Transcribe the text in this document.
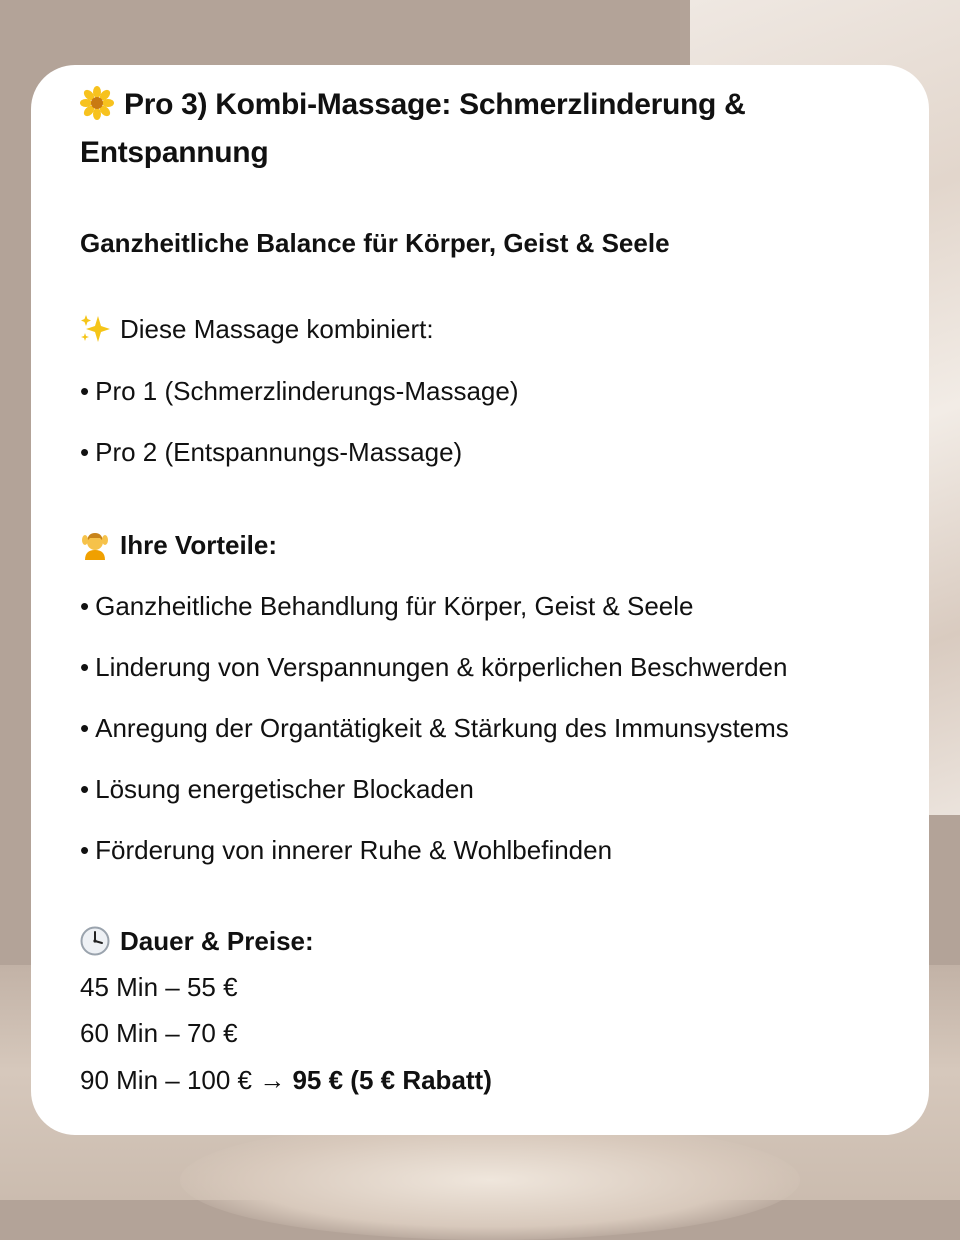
Pro 3) Kombi-Massage: Schmerzlinderung &

Entspannung

Ganzheitliche Balance für Körper, Geist & Seele

Diese Massage kombiniert:

• Pro 1 (Schmerzlinderungs-Massage)

• Pro 2 (Entspannungs-Massage)

Ihre Vorteile:

• Ganzheitliche Behandlung für Körper, Geist & Seele

• Linderung von Verspannungen & körperlichen Beschwerden

• Anregung der Organtätigkeit & Stärkung des Immunsystems

• Lösung energetischer Blockaden

• Förderung von innerer Ruhe & Wohlbefinden

Dauer & Preise:

45 Min – 55 €

60 Min – 70 €

90 Min – 100 € → 95 € (5 € Rabatt)
